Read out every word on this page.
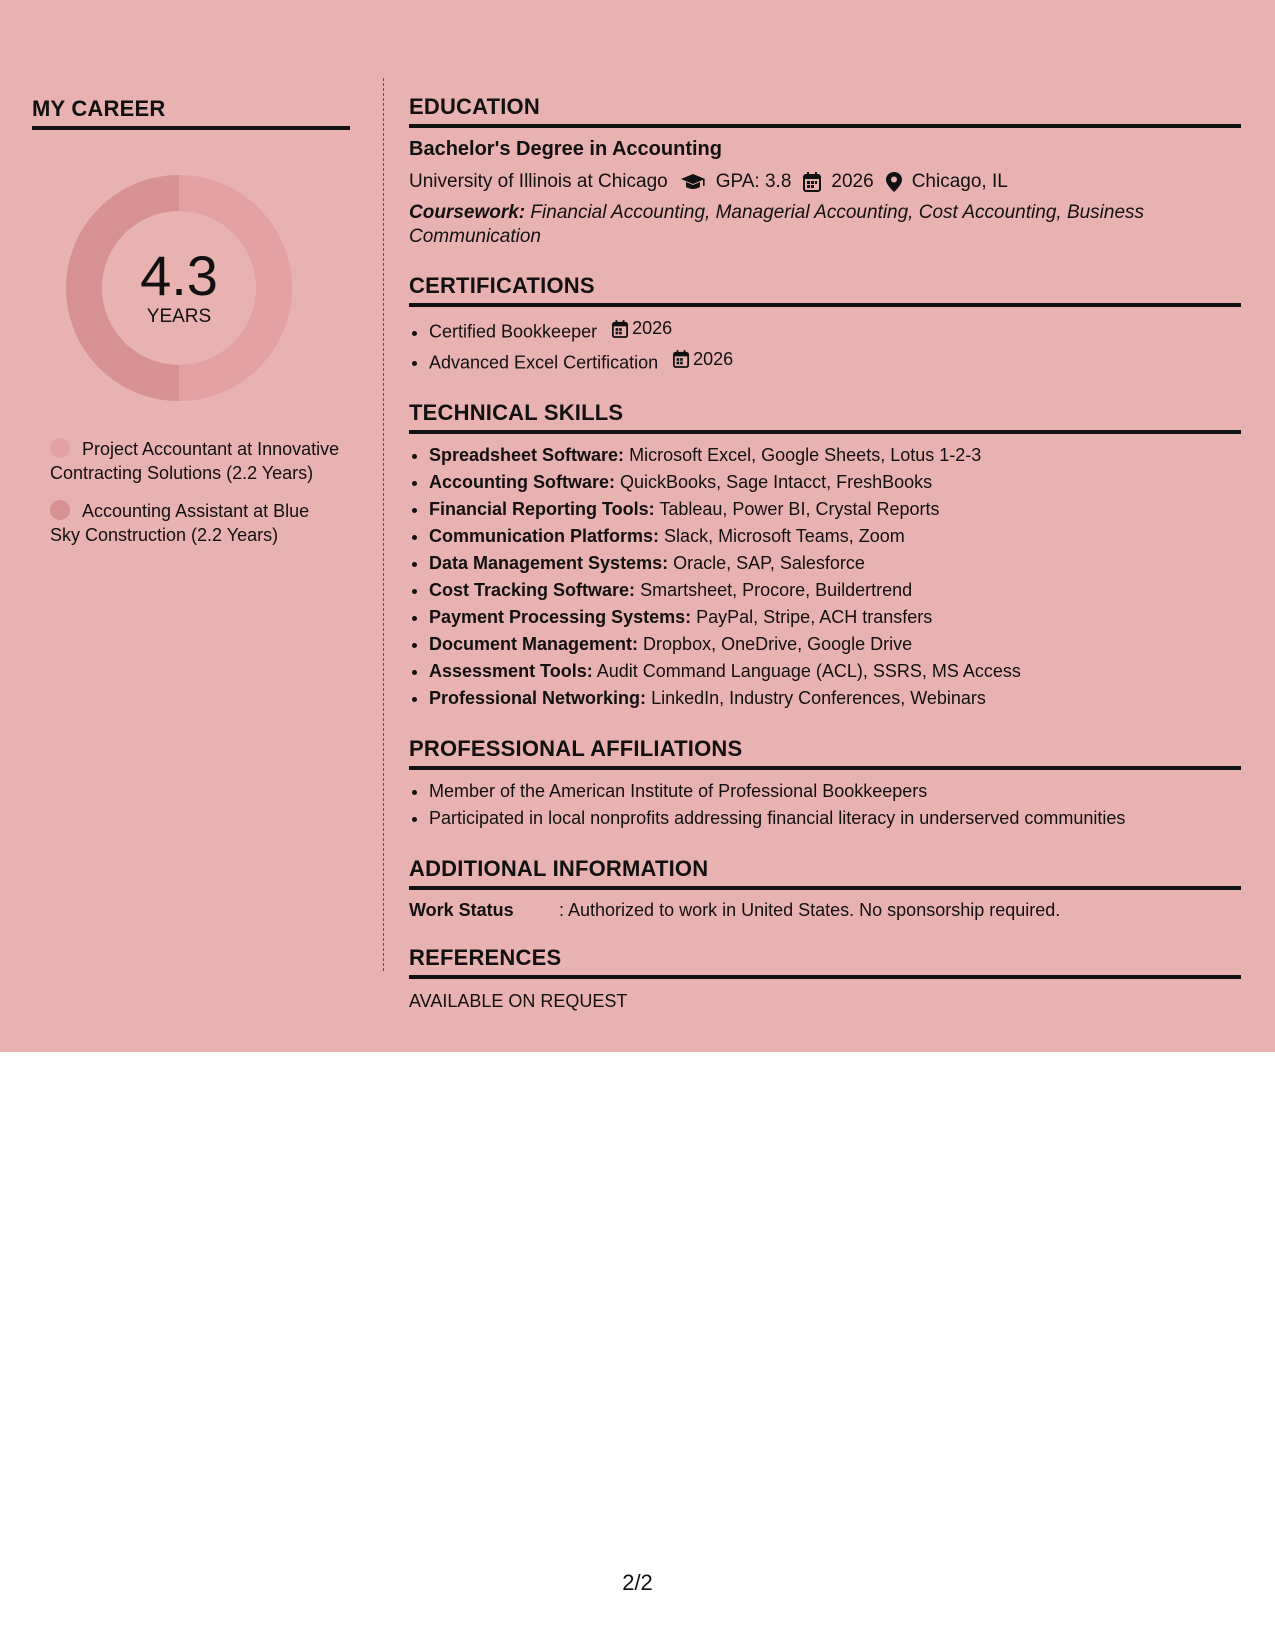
MY CAREER
4.3
YEARS
Project Accountant at Innovative Contracting Solutions (2.2 Years)
Accounting Assistant at Blue Sky Construction (2.2 Years)
EDUCATION
Bachelor's Degree in Accounting
University of Illinois at Chicago	GPA: 3.8 2026 Chicago, IL
Coursework: Financial Accounting, Managerial Accounting, Cost Accounting, Business Communication
CERTIFICATIONS
• Certified Bookkeeper 2026
• Advanced Excel Certification 2026
TECHNICAL SKILLS
• Spreadsheet Software: Microsoft Excel, Google Sheets, Lotus 1-2-3
• Accounting Software: QuickBooks, Sage Intacct, FreshBooks
• Financial Reporting Tools: Tableau, Power BI, Crystal Reports
• Communication Platforms: Slack, Microsoft Teams, Zoom
• Data Management Systems: Oracle, SAP, Salesforce
• Cost Tracking Software: Smartsheet, Procore, Buildertrend
• Payment Processing Systems: PayPal, Stripe, ACH transfers
• Document Management: Dropbox, OneDrive, Google Drive
• Assessment Tools: Audit Command Language (ACL), SSRS, MS Access
• Professional Networking: LinkedIn, Industry Conferences, Webinars
PROFESSIONAL AFFILIATIONS
• Member of the American Institute of Professional Bookkeepers
• Participated in local nonprofits addressing financial literacy in underserved communities
ADDITIONAL INFORMATION
Work Status	: Authorized to work in United States. No sponsorship required.
REFERENCES
AVAILABLE ON REQUEST
2/2
